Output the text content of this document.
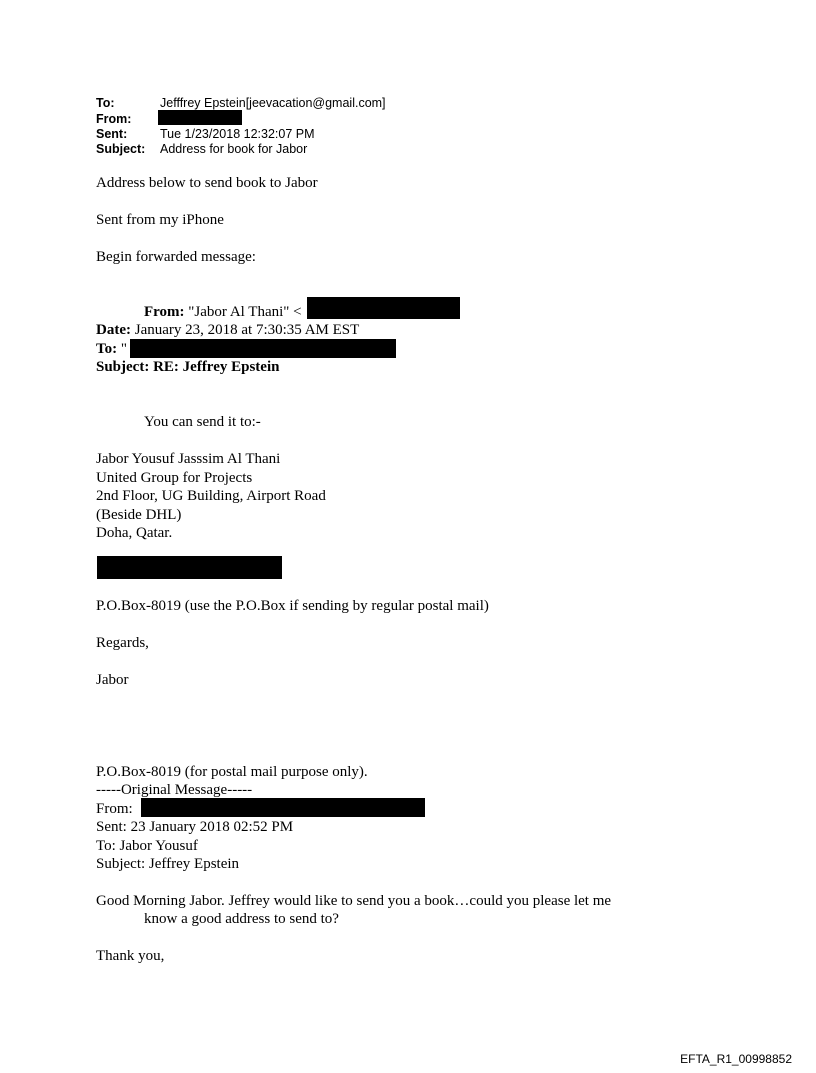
To:	Jefffrey Epstein[jeevacation@gmail.com]
From:
Sent:	Tue 1/23/2018 12:32:07 PM
Subject: Address for book for Jabor
Address below to send book to Jabor
Sent from my iPhone
Begin forwarded message:
From: "Jabor Al Thani" <
Date: January 23, 2018 at 7:30:35 AM EST
To: "
Subject: RE: Jeffrey Epstein
You can send it to:-
Jabor Yousuf Jasssim Al Thani
United Group for Projects
2nd Floor, UG Building, Airport Road
(Beside DHL)
Doha, Qatar.
P.O.Box-8019 (use the P.O.Box if sending by regular postal mail)
Regards,
Jabor
P.O.Box-8019 (for postal mail purpose only).
-----Original Message-----
From:
Sent: 23 January 2018 02:52 PM
To: Jabor Yousuf
Subject: Jeffrey Epstein
Good Morning Jabor. Jeffrey would like to send you a book…could you please let me
know a good address to send to?
Thank you,
EFTA_R1_00998852
